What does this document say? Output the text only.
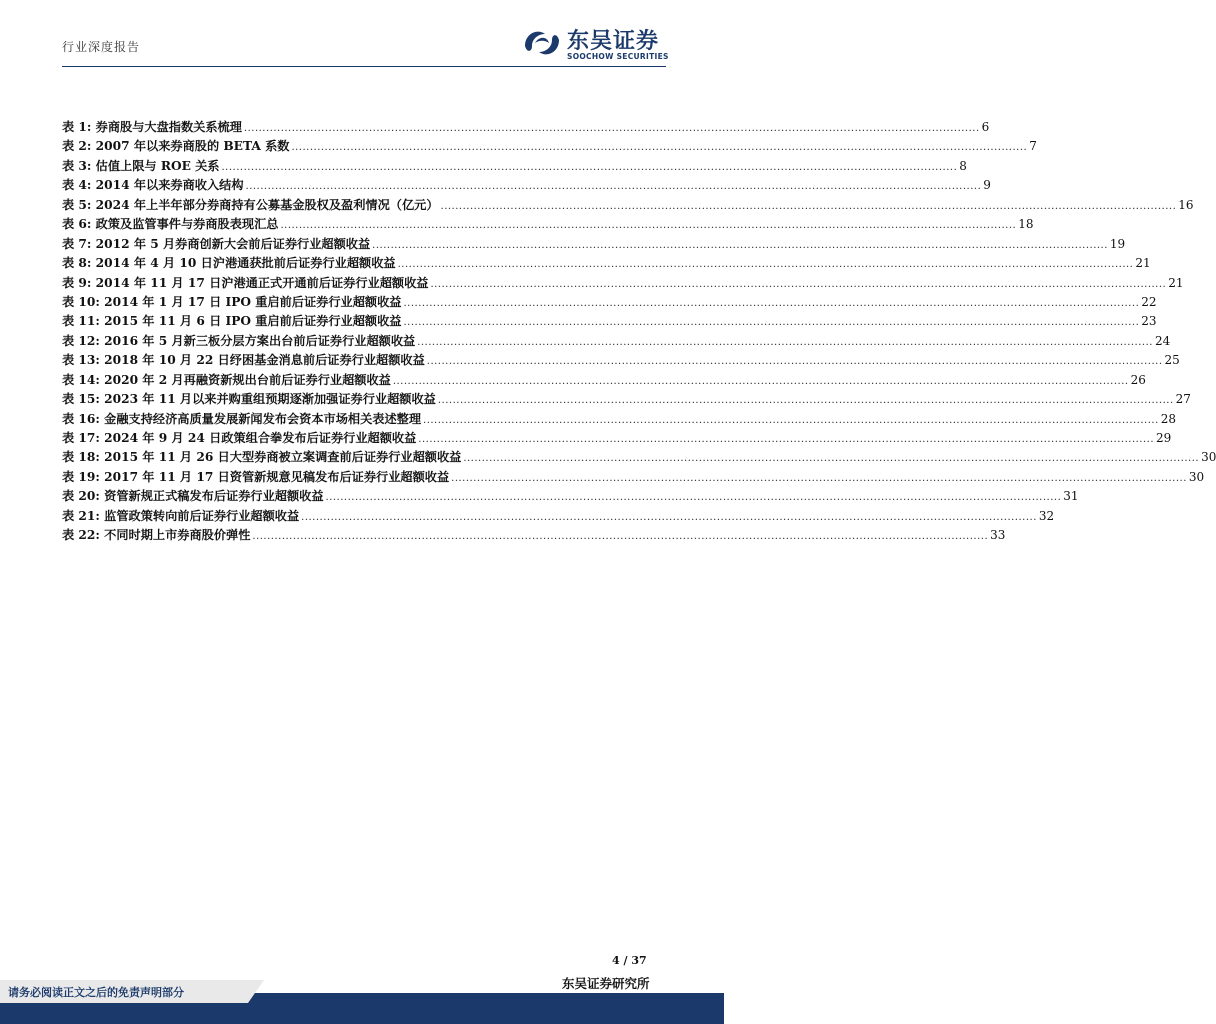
行业深度报告	东吴证券
SOOCHOW SECURITIES
表 1: 券商股与大盘指数关系梳理 ........................................................................................................................................................................................................ 6
表 2: 2007 年以来券商股的 BETA 系数 ........................................................................................................................................................................................................ 7
表 3: 估值上限与 ROE 关系 ........................................................................................................................................................................................................ 8
表 4: 2014 年以来券商收入结构 ........................................................................................................................................................................................................ 9
表 5: 2024 年上半年部分券商持有公募基金股权及盈利情况（亿元） ........................................................................................................................................................................................................ 16
表 6: 政策及监管事件与券商股表现汇总 ........................................................................................................................................................................................................ 18
表 7: 2012 年 5 月券商创新大会前后证券行业超额收益 ........................................................................................................................................................................................................ 19
表 8: 2014 年 4 月 10 日沪港通获批前后证券行业超额收益 ........................................................................................................................................................................................................ 21
表 9: 2014 年 11 月 17 日沪港通正式开通前后证券行业超额收益 ........................................................................................................................................................................................................ 21
表 10: 2014 年 1 月 17 日 IPO 重启前后证券行业超额收益 ........................................................................................................................................................................................................ 22
表 11: 2015 年 11 月 6 日 IPO 重启前后证券行业超额收益 ........................................................................................................................................................................................................ 23
表 12: 2016 年 5 月新三板分层方案出台前后证券行业超额收益 ........................................................................................................................................................................................................ 24
表 13: 2018 年 10 月 22 日纾困基金消息前后证券行业超额收益 ........................................................................................................................................................................................................ 25
表 14: 2020 年 2 月再融资新规出台前后证券行业超额收益 ........................................................................................................................................................................................................ 26
表 15: 2023 年 11 月以来并购重组预期逐渐加强证券行业超额收益 ........................................................................................................................................................................................................ 27
表 16: 金融支持经济高质量发展新闻发布会资本市场相关表述整理 ........................................................................................................................................................................................................ 28
表 17: 2024 年 9 月 24 日政策组合拳发布后证券行业超额收益 ........................................................................................................................................................................................................ 29
表 18: 2015 年 11 月 26 日大型券商被立案调查前后证券行业超额收益 ........................................................................................................................................................................................................ 30
表 19: 2017 年 11 月 17 日资管新规意见稿发布后证券行业超额收益 ........................................................................................................................................................................................................ 30
表 20: 资管新规正式稿发布后证券行业超额收益 ........................................................................................................................................................................................................ 31
表 21: 监管政策转向前后证券行业超额收益 ........................................................................................................................................................................................................ 32
表 22: 不同时期上市券商股价弹性 ........................................................................................................................................................................................................ 33
4 / 37
东吴证券研究所
请务必阅读正文之后的免责声明部分
